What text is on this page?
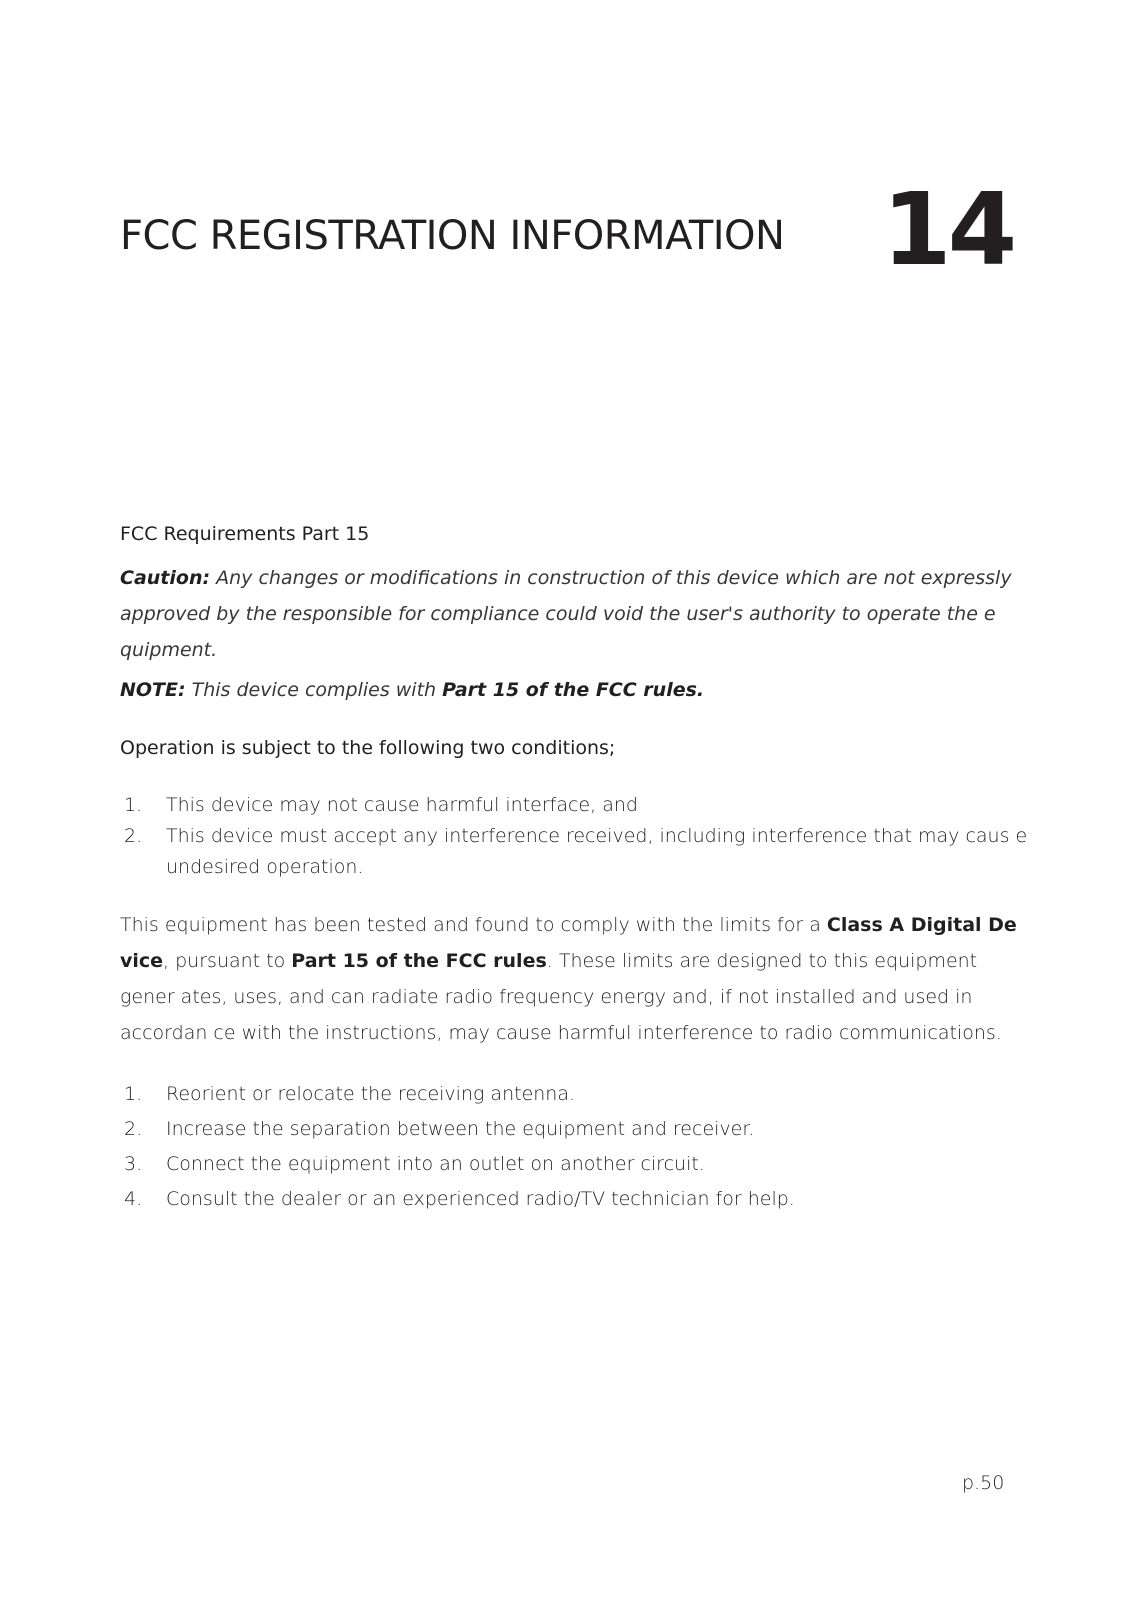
FCC REGISTRATION INFORMATION 14
FCC Requirements Part 15

Caution: Any changes or modifications in construction of this device which are not expressly approved by the responsible for compliance could void the user's authority to operate the e quipment.

NOTE: This device complies with Part 15 of the FCC rules.

Operation is subject to the following two conditions;
1. This device may not cause harmful interface, and
2. This device must accept any interference received, including interference that may caus e undesired operation.

This equipment has been tested and found to comply with the limits for a Class A Digital De vice, pursuant to Part 15 of the FCC rules. These limits are designed to this equipment gener ates, uses, and can radiate radio frequency energy and, if not installed and used in accordan ce with the instructions, may cause harmful interference to radio communications.

1. Reorient or relocate the receiving antenna.
2. Increase the separation between the equipment and receiver.
3. Connect the equipment into an outlet on another circuit.
4. Consult the dealer or an experienced radio/TV technician for help.
p.50
